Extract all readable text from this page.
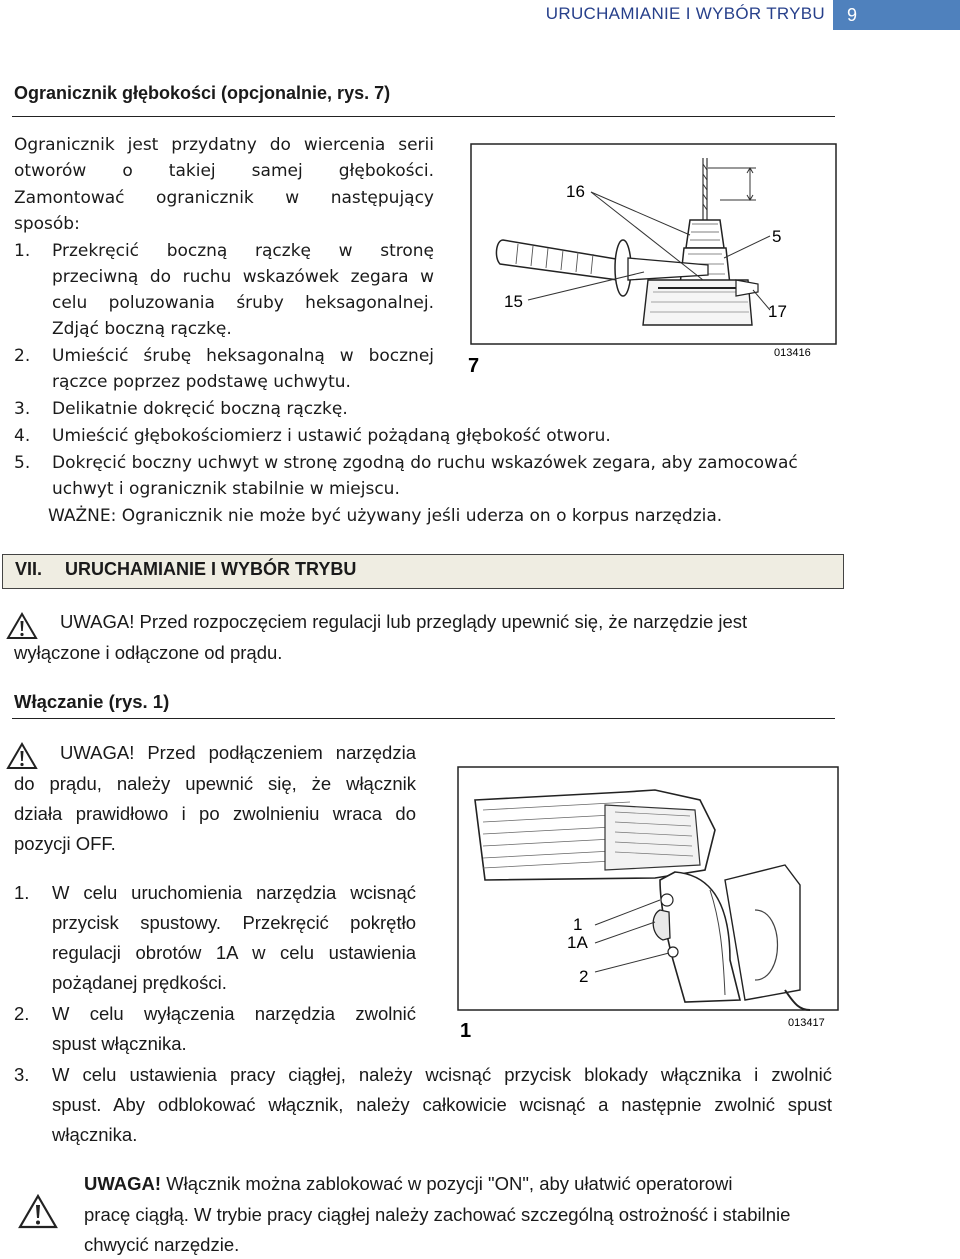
URUCHAMIANIE I WYBÓR TRYBU 9
Ogranicznik głębokości (opcjonalnie, rys. 7)
Ogranicznik jest przydatny do wiercenia serii
otworów o takiej samej głębokości.
Zamontować ogranicznik w następujący
sposób:
1. Przekręcić boczną rączkę w stronę
przeciwną do ruchu wskazówek zegara w
celu poluzowania śruby heksagonalnej.
Zdjąć boczną rączkę.
2. Umieścić śrubę heksagonalną w bocznej
rączce poprzez podstawę uchwytu.
3. Delikatnie dokręcić boczną rączkę.
4. Umieścić głębokościomierz i ustawić pożądaną głębokość otworu.
5. Dokręcić boczny uchwyt w stronę zgodną do ruchu wskazówek zegara, aby zamocować
uchwyt i ogranicznik stabilnie w miejscu.
WAŻNE: Ogranicznik nie może być używany jeśli uderza on o korpus narzędzia.
16
5
15
17
013416
7
VII. URUCHAMIANIE I WYBÓR TRYBU
UWAGA! Przed rozpoczęciem regulacji lub przeglądy upewnić się, że narzędzie jest
wyłączone i odłączone od prądu.
Włączanie (rys. 1)
UWAGA! Przed podłączeniem narzędzia
do prądu, należy upewnić się, że włącznik
działa prawidłowo i po zwolnieniu wraca do
pozycji OFF.
1. W celu uruchomienia narzędzia wcisnąć
przycisk spustowy. Przekręcić pokrętło
regulacji obrotów 1A w celu ustawienia
pożądanej prędkości.
2. W celu wyłączenia narzędzia zwolnić
spust włącznika.
3. W celu ustawienia pracy ciągłej, należy wcisnąć przycisk blokady włącznika i zwolnić
spust. Aby odblokować włącznik, należy całkowicie wcisnąć a następnie zwolnić spust
włącznika.
1
1A
2
013417
1
UWAGA! Włącznik można zablokować w pozycji "ON", aby ułatwić operatorowi
pracę ciągłą. W trybie pracy ciągłej należy zachować szczególną ostrożność i stabilnie
chwycić narzędzie.
